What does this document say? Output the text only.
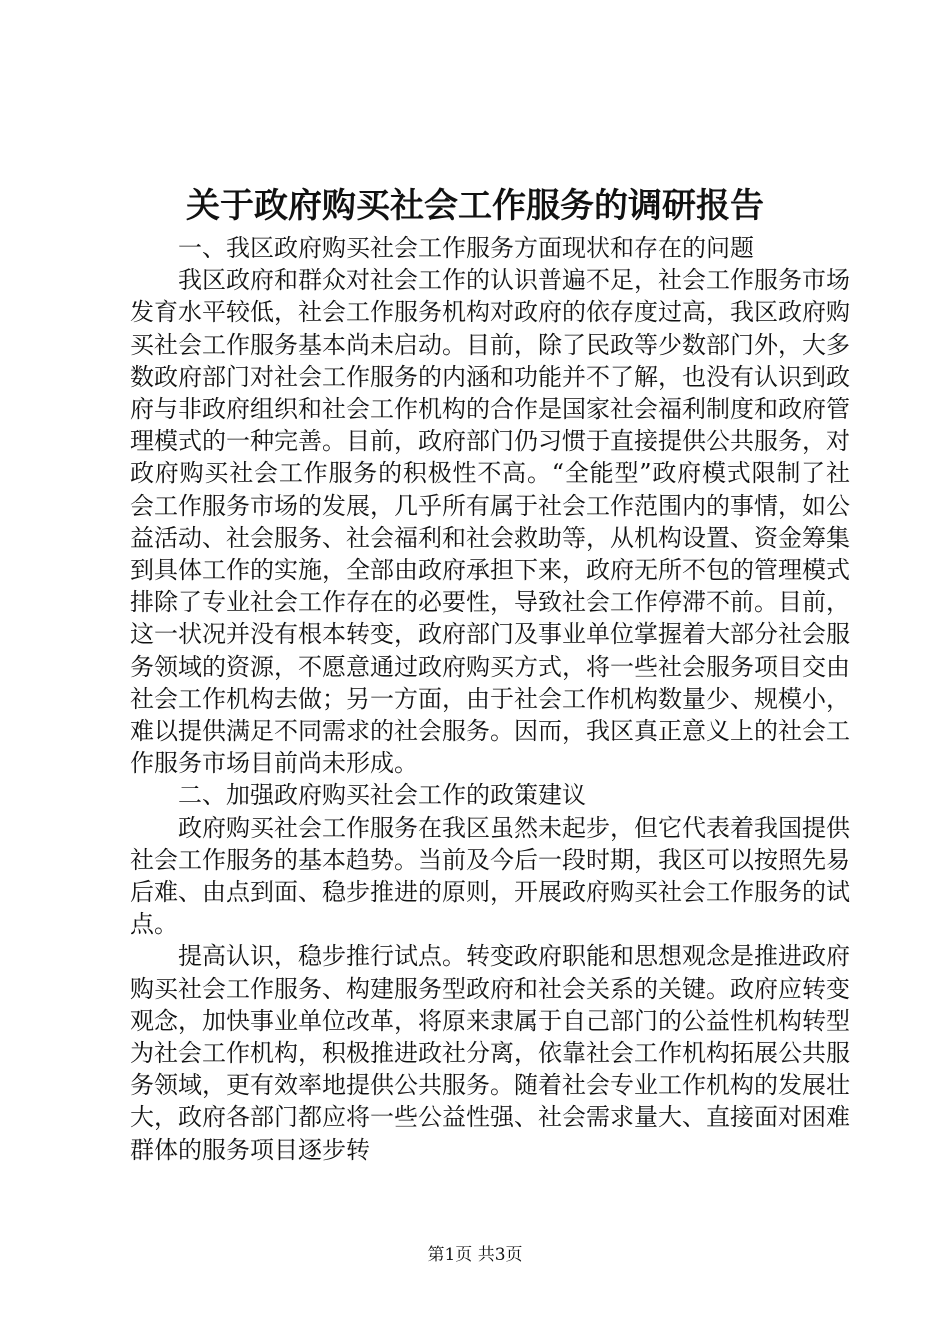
关于政府购买社会工作服务的调研报告

一、我区政府购买社会工作服务方面现状和存在的问题

我区政府和群众对社会工作的认识普遍不足，社会工作服务市场发育水平较低，社会工作服务机构对政府的依存度过高，我区政府购买社会工作服务基本尚未启动。目前，除了民政等少数部门外，大多数政府部门对社会工作服务的内涵和功能并不了解，也没有认识到政府与非政府组织和社会工作机构的合作是国家社会福利制度和政府管理模式的一种完善。目前，政府部门仍习惯于直接提供公共服务，对政府购买社会工作服务的积极性不高。“全能型”政府模式限制了社会工作服务市场的发展，几乎所有属于社会工作范围内的事情，如公益活动、社会服务、社会福利和社会救助等，从机构设置、资金筹集到具体工作的实施，全部由政府承担下来，政府无所不包的管理模式排除了专业社会工作存在的必要性，导致社会工作停滞不前。目前，这一状况并没有根本转变，政府部门及事业单位掌握着大部分社会服务领域的资源，不愿意通过政府购买方式，将一些社会服务项目交由社会工作机构去做；另一方面，由于社会工作机构数量少、规模小，难以提供满足不同需求的社会服务。因而，我区真正意义上的社会工作服务市场目前尚未形成。

二、加强政府购买社会工作的政策建议

政府购买社会工作服务在我区虽然未起步，但它代表着我国提供社会工作服务的基本趋势。当前及今后一段时期，我区可以按照先易后难、由点到面、稳步推进的原则，开展政府购买社会工作服务的试点。

提高认识，稳步推行试点。转变政府职能和思想观念是推进政府购买社会工作服务、构建服务型政府和社会关系的关键。政府应转变观念，加快事业单位改革，将原来隶属于自己部门的公益性机构转型为社会工作机构，积极推进政社分离，依靠社会工作机构拓展公共服务领域，更有效率地提供公共服务。随着社会专业工作机构的发展壮大，政府各部门都应将一些公益性强、社会需求量大、直接面对困难群体的服务项目逐步转

第1页 共3页
